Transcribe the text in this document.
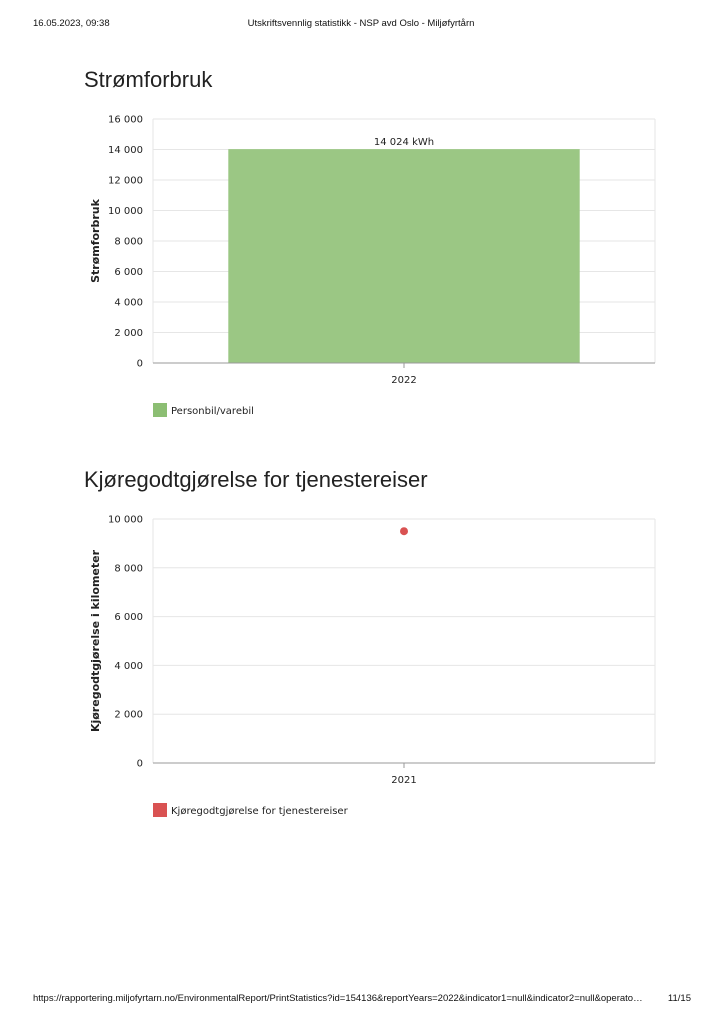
16.05.2023, 09:38	Utskriftsvennlig statistikk - NSP avd Oslo - Miljøfyrtårn
Strømforbruk
0
2 000
4 000
6 000
8 000
10 000
12 000
14 000
16 000
2022
14 024 kWh
Strømforbruk
Personbil/varebil
Kjøregodtgjørelse for tjenestereiser
0
2 000
4 000
6 000
8 000
10 000
2021
Kjøregodtgjørelse i kilometer
Kjøregodtgjørelse for tjenestereiser
https://rapportering.miljofyrtarn.no/EnvironmentalReport/PrintStatistics?id=154136&reportYears=2022&indicator1=null&indicator2=null&operato…	11/15
